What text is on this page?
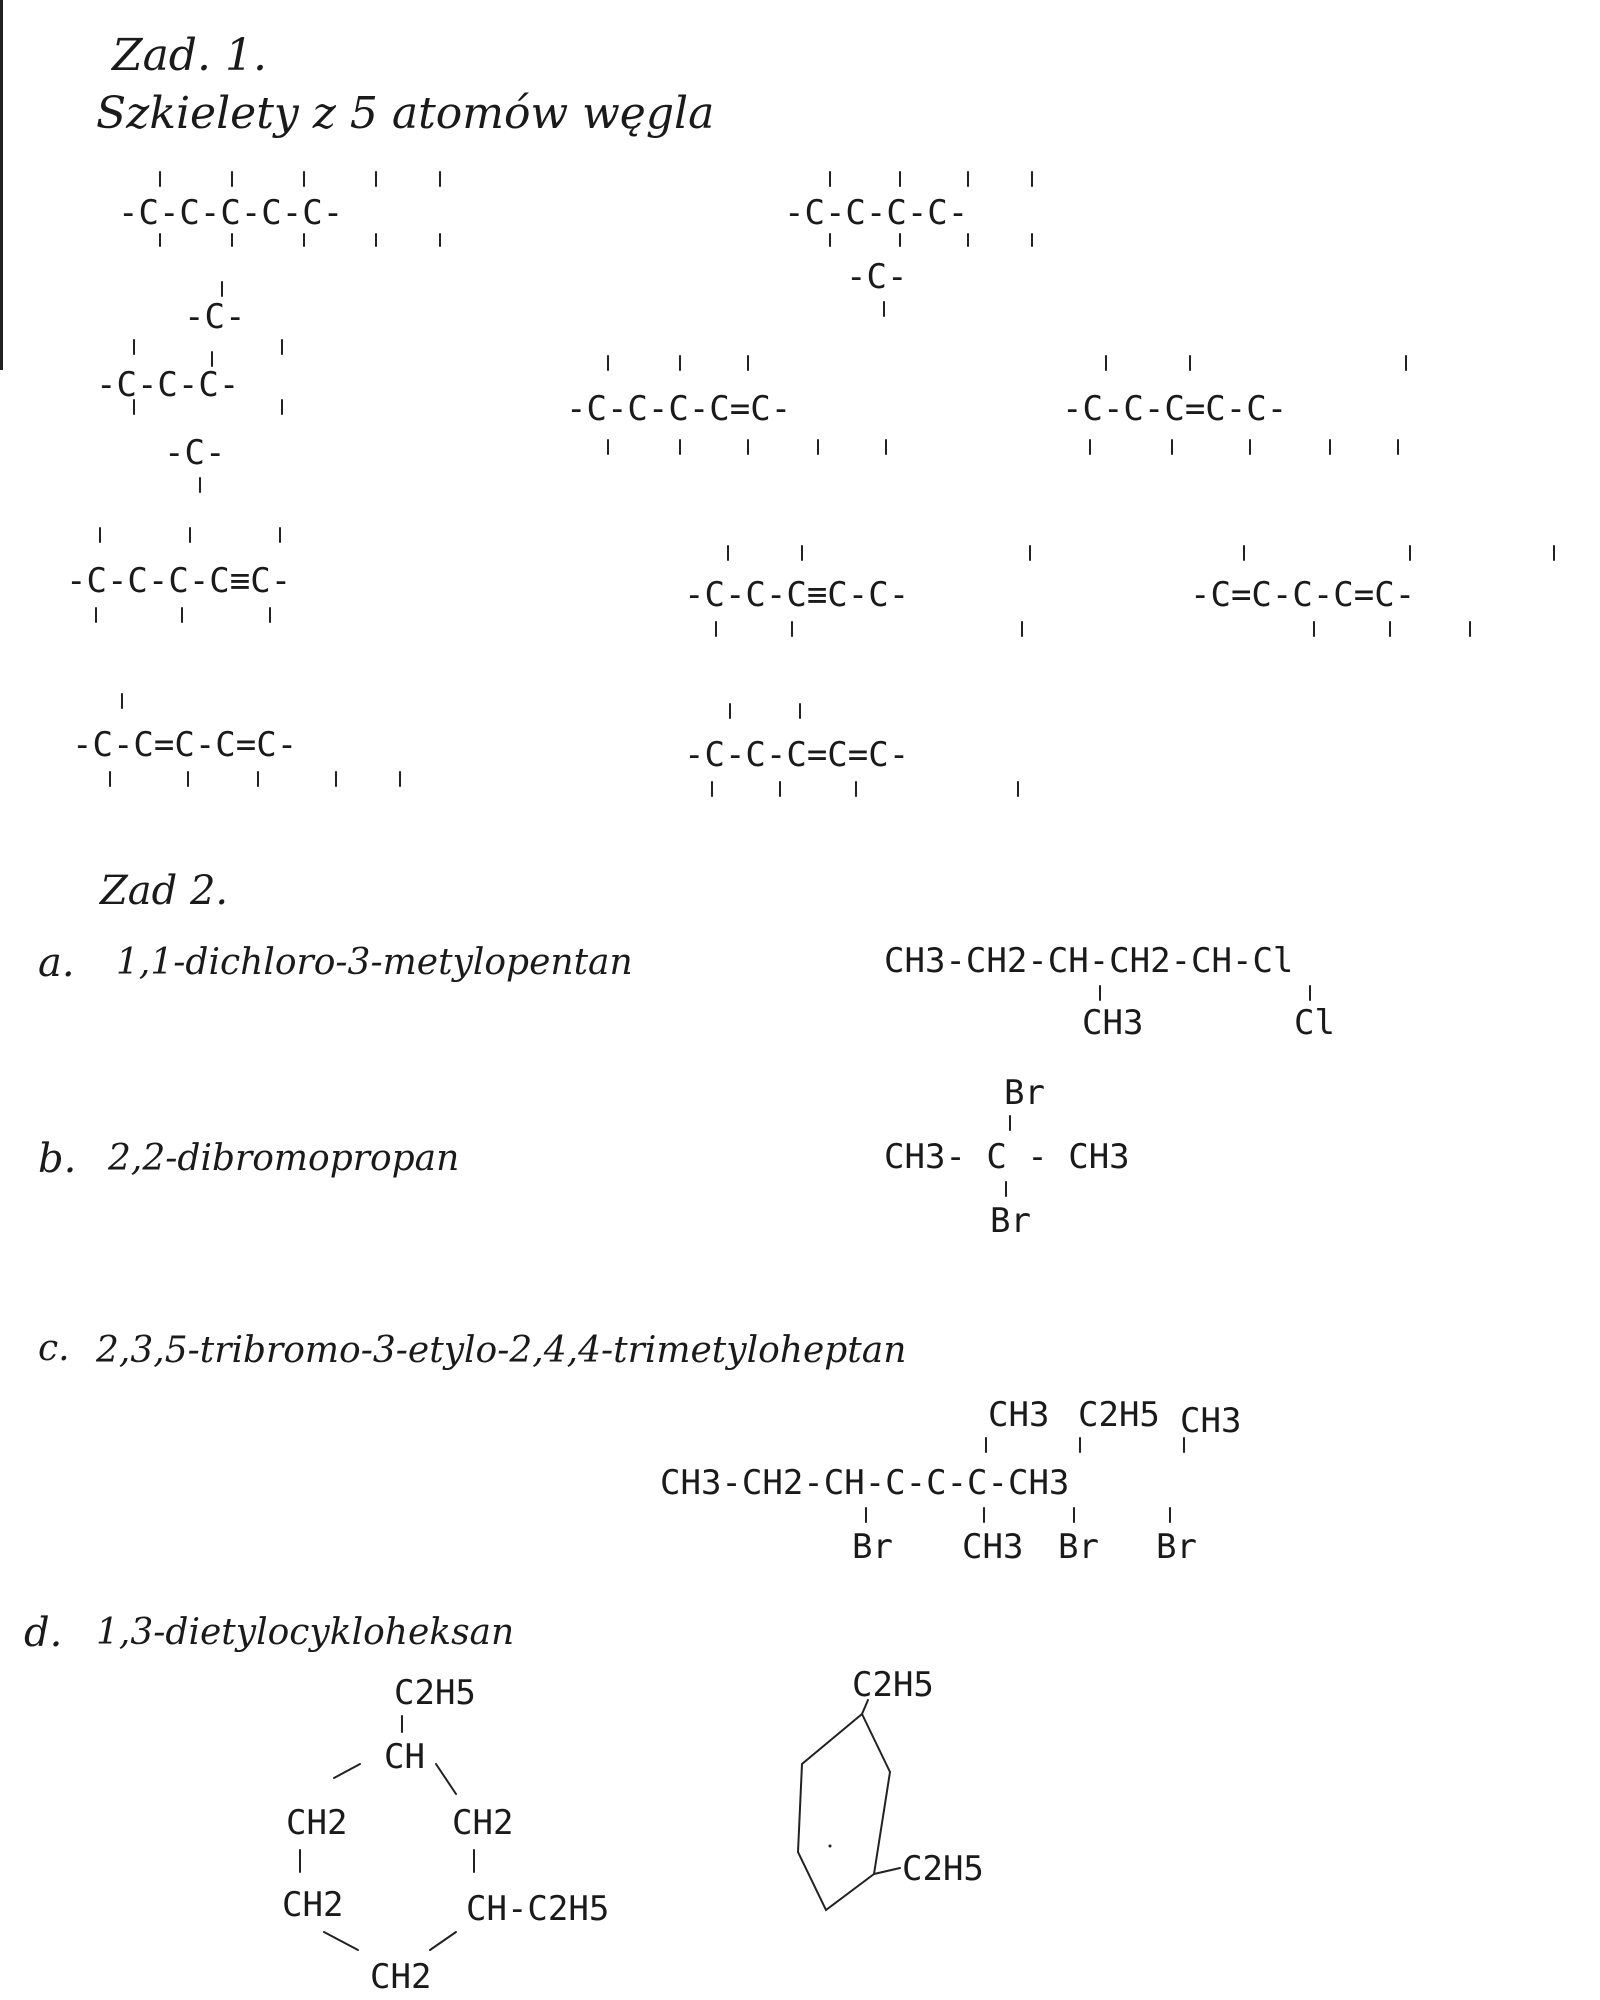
Zad. 1.
Szkielety z 5 atomów węgla
-C-C-C-C-C-	-C-C-C-C-
-C-
-C-
-C-C-C-
-C-
-C-C-C-C=C-	-C-C-C=C-C-
-C-C-C-C≡C-	-C-C-C≡C-C-	-C=C-C-C=C-
-C-C=C-C=C-	-C-C-C=C=C-
Zad 2.
a. 1,1-dichloro-3-metylopentan	CH3-CH2-CH-CH2-CH-Cl
CH3	Cl
Br
b. 2,2-dibromopropan	CH3- C - CH3
Br
c. 2,3,5-tribromo-3-etylo-2,4,4-trimetyloheptan
CH3 C2H5 CH3
CH3-CH2-CH-C-C-C-CH3
Br CH3 Br Br
d. 1,3-dietylocykloheksan
C2H5
CH
CH2	CH2
CH2	CH-C2H5
CH2
C2H5
C2H5
